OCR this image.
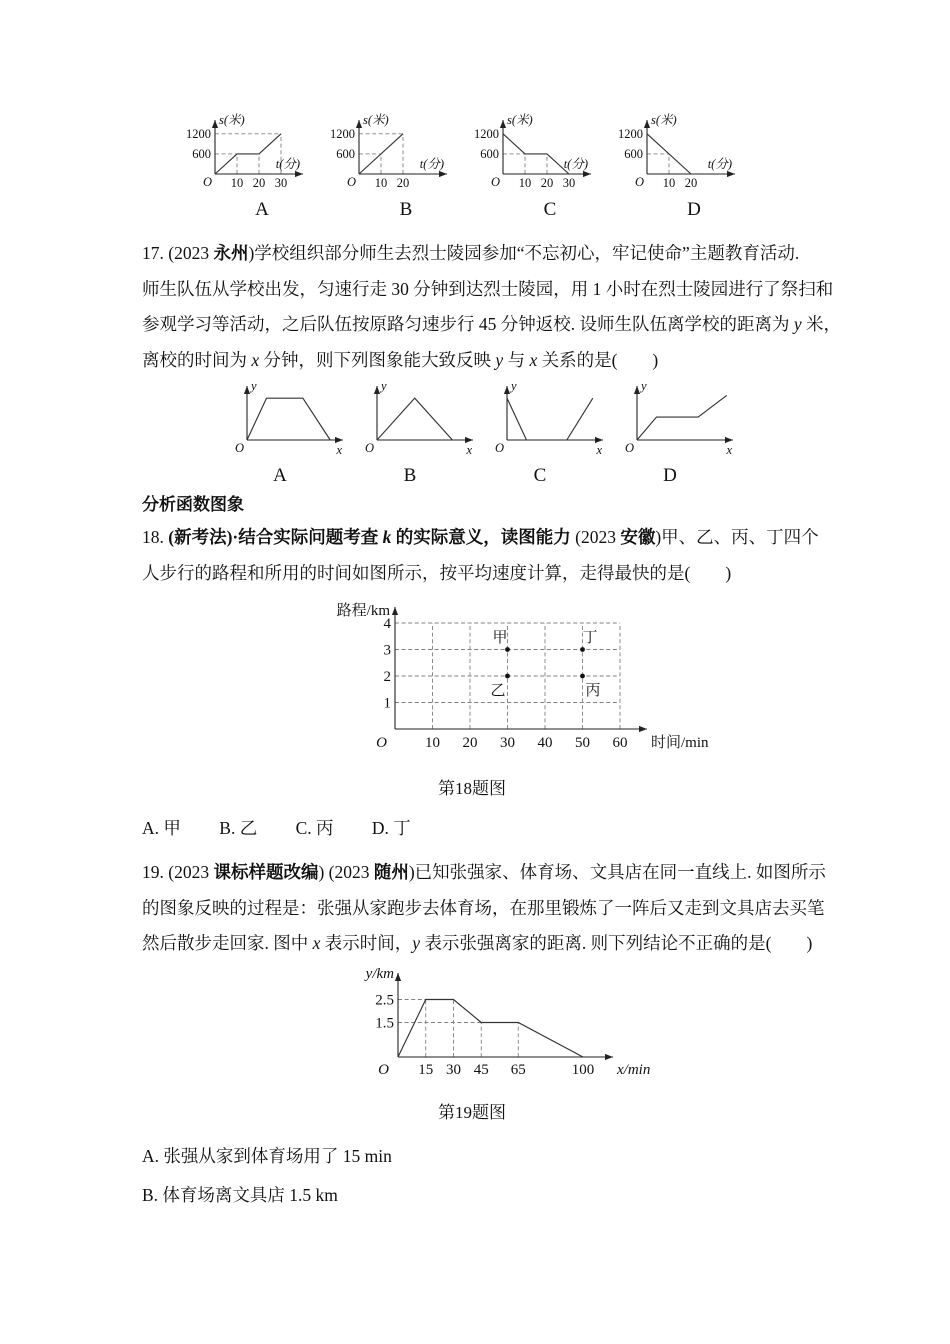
10 20 30
600
1200
s(米)
t(分)
O
A
10 20
600
1200
s(米)
t(分)
O
B
10 20 30
600
1200
s(米)
t(分)
O
C
10 20
600
1200
s(米)
t(分)
O
D
17. (2023 永州)学校组织部分师生去烈士陵园参加“不忘初心，牢记使命”主题教育活动.
师生队伍从学校出发，匀速行走 30 分钟到达烈士陵园，用 1 小时在烈士陵园进行了祭扫和
参观学习等活动，之后队伍按原路匀速步行 45 分钟返校. 设师生队伍离学校的距离为 y 米，
离校的时间为 x 分钟，则下列图象能大致反映 y 与 x 关系的是(　　)
y
x
O
A
y
x
O
B
y
x
O
C
y
x
O
D
分析函数图象
18. (新考法)·结合实际问题考查 k 的实际意义，读图能力 (2023 安徽)甲、乙、丙、丁四个
人步行的路程和所用的时间如图所示，按平均速度计算，走得最快的是(　　)
10 20 30 40 50 60
1
2
3
4
路程/km
时间/min
O
甲	丁
乙	丙
第18题图
A. 甲 B. 乙 C. 丙 D. 丁
19. (2023 课标样题改编) (2023 随州)已知张强家、体育场、文具店在同一直线上. 如图所示
的图象反映的过程是：张强从家跑步去体育场，在那里锻炼了一阵后又走到文具店去买笔
然后散步走回家. 图中 x 表示时间，y 表示张强离家的距离. 则下列结论不正确的是(　　)
15 30 45 65	100
1.5
2.5
y/km
x/min
O
第19题图
A. 张强从家到体育场用了 15 min
B. 体育场离文具店 1.5 km
